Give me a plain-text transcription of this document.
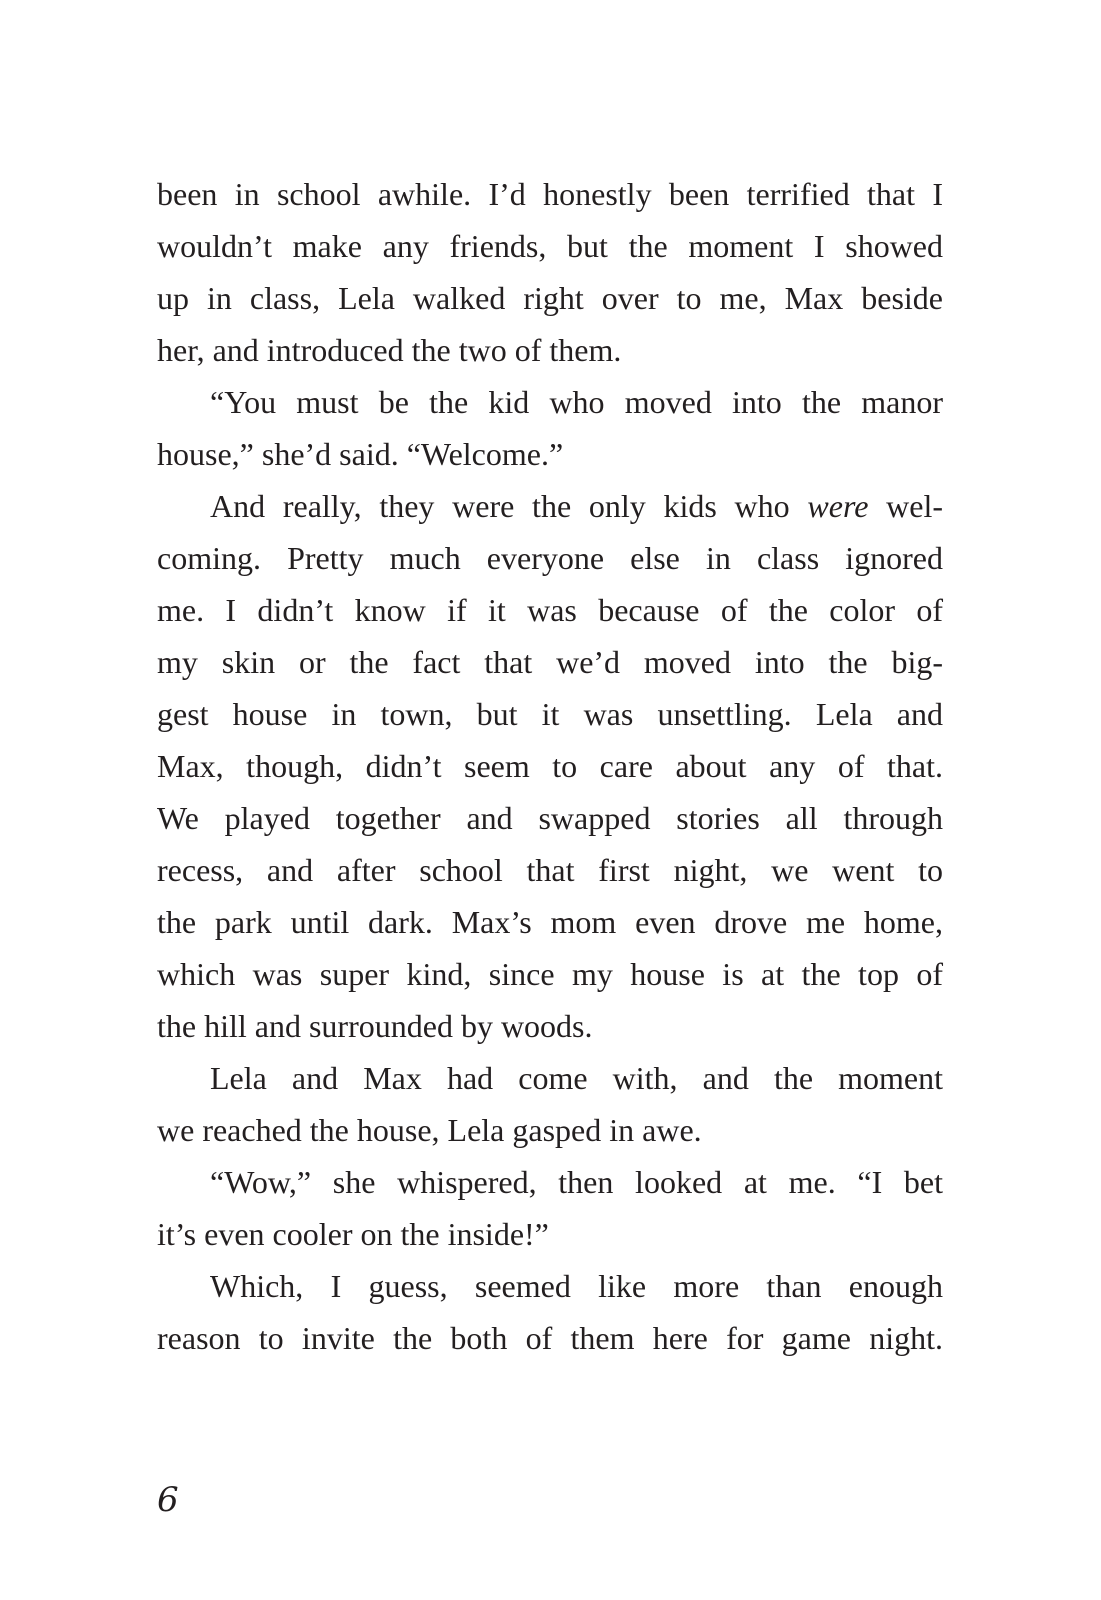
been in school awhile. I’d honestly been terrified that I
wouldn’t make any friends, but the moment I showed
up in class, Lela walked right over to me, Max beside
her, and introduced the two of them.
“You must be the kid who moved into the manor
house,” she’d said. “Welcome.”
And really, they were the only kids who were wel-
coming. Pretty much everyone else in class ignored
me. I didn’t know if it was because of the color of
my skin or the fact that we’d moved into the big-
gest house in town, but it was unsettling. Lela and
Max, though, didn’t seem to care about any of that.
We played together and swapped stories all through
recess, and after school that first night, we went to
the park until dark. Max’s mom even drove me home,
which was super kind, since my house is at the top of
the hill and surrounded by woods.
Lela and Max had come with, and the moment
we reached the house, Lela gasped in awe.
“Wow,” she whispered, then looked at me. “I bet
it’s even cooler on the inside!”
Which, I guess, seemed like more than enough
reason to invite the both of them here for game night.
6
